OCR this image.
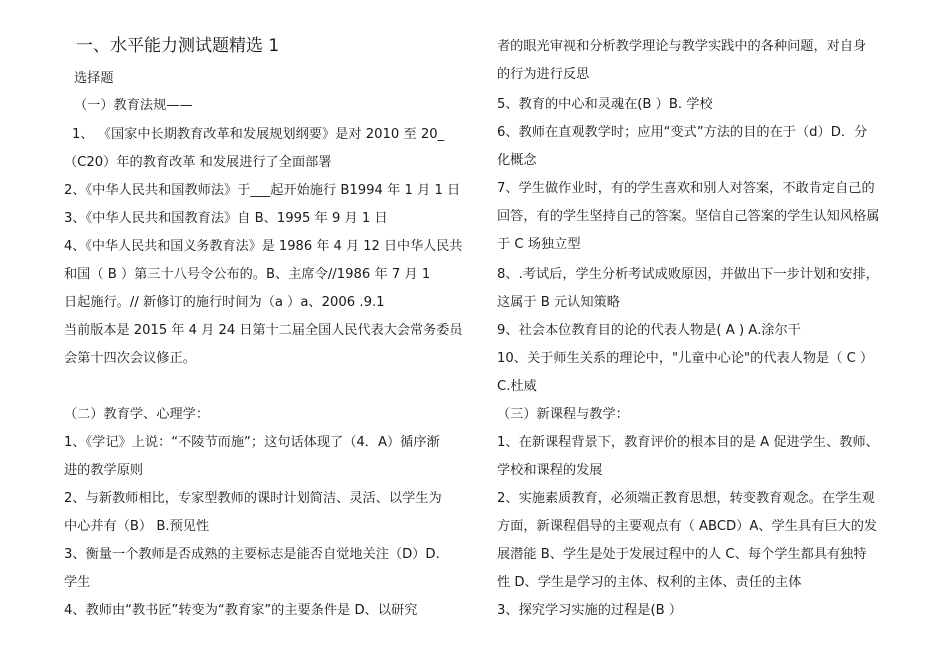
一、水平能力测试题精选 1
选择题
（一）教育法规——
1、 《国家中长期教育改革和发展规划纲要》是对 2010 至 20_
（C20）年的教育改革 和发展进行了全面部署
2、《中华人民共和国教师法》于___起开始施行 B1994 年 1 月 1 日
3、《中华人民共和国教育法》自 B、1995 年 9 月 1 日
4、《中华人民共和国义务教育法》是 1986 年 4 月 12 日中华人民共
和国（ B ）第三十八号令公布的。B、主席令//1986 年 7 月 1
日起施行。// 新修订的施行时间为（a ）a、2006 .9.1
当前版本是 2015 年 4 月 24 日第十二届全国人民代表大会常务委员
会第十四次会议修正。
（二）教育学、心理学：
1、《学记》上说：“不陵节而施”；这句话体现了（4．A）循序渐
进的教学原则
2、与新教师相比，专家型教师的课时计划简洁、灵活、以学生为
中心并有（B） B.预见性
3、衡量一个教师是否成熟的主要标志是能否自觉地关注（D）D.
学生
4、教师由“教书匠”转变为“教育家”的主要条件是 D、以研究
者的眼光审视和分析教学理论与教学实践中的各种问题，对自身
的行为进行反思
5、教育的中心和灵魂在(B ）B. 学校
6、教师在直观教学时；应用“变式”方法的目的在于（d）D．分
化概念
7、学生做作业时，有的学生喜欢和别人对答案，不敢肯定自己的
回答，有的学生坚持自己的答案。坚信自己答案的学生认知风格属
于 C 场独立型
8、.考试后，学生分析考试成败原因，并做出下一步计划和安排，
这属于 B 元认知策略
9、社会本位教育目的论的代表人物是( A ) A.涂尔干
10、关于师生关系的理论中，"儿童中心论"的代表人物是（ C ）
C.杜威
（三）新课程与教学：
1、在新课程背景下，教育评价的根本目的是 A 促进学生、教师、
学校和课程的发展
2、实施素质教育，必须端正教育思想，转变教育观念。在学生观
方面，新课程倡导的主要观点有（ ABCD）A、学生具有巨大的发
展潜能 B、学生是处于发展过程中的人 C、每个学生都具有独特
性 D、学生是学习的主体、权利的主体、责任的主体
3、探究学习实施的过程是(B ）
